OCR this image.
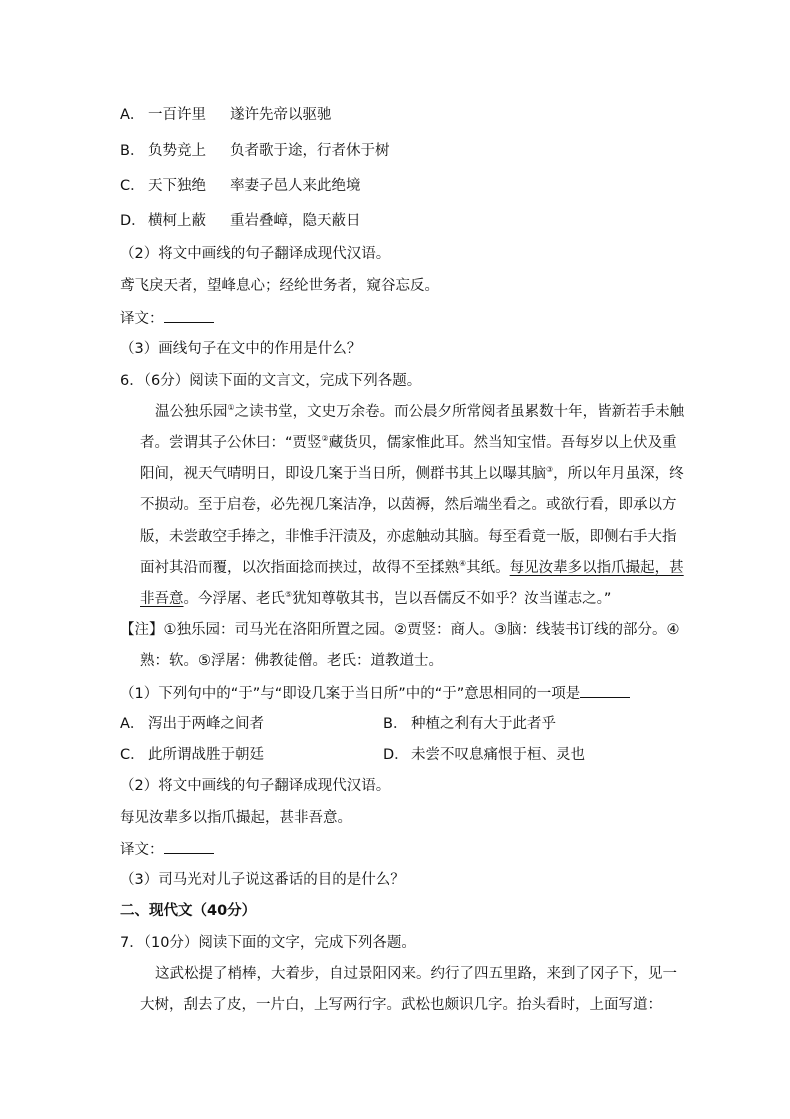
A． 一百许里 遂许先帝以驱驰
B． 负势竞上 负者歌于途，行者休于树
C． 天下独绝 率妻子邑人来此绝境
D． 横柯上蔽 重岩叠嶂，隐天蔽日
（2）将文中画线的句子翻译成现代汉语。
鸢飞戾天者，望峰息心；经纶世务者，窥谷忘反。
译文：
（3）画线句子在文中的作用是什么？
6．（6分）阅读下面的文言文，完成下列各题。
温公独乐园①之读书堂，文史万余卷。而公晨夕所常阅者虽累数十年，皆新若手未触
者。尝谓其子公休曰：“贾竖②藏货贝，儒家惟此耳。然当知宝惜。吾每岁以上伏及重
阳间，视天气晴明日，即设几案于当日所，侧群书其上以曝其脑③，所以年月虽深，终
不损动。至于启卷，必先视几案洁净，以茵褥，然后端坐看之。或欲行看，即承以方
版，未尝敢空手捧之，非惟手汗渍及，亦虑触动其脑。每至看竟一版，即侧右手大指
面衬其沿而覆，以次指面捻而挟过，故得不至揉熟④其纸。每见汝辈多以指爪撮起，甚
非吾意。今浮屠、老氏⑤犹知尊敬其书，岂以吾儒反不如乎？汝当谨志之。”
【注】①独乐园：司马光在洛阳所置之园。②贾竖：商人。③脑：线装书订线的部分。④
熟：软。⑤浮屠：佛教徒僧。老氏：道教道士。
（1）下列句中的“于”与“即设几案于当日所”中的“于”意思相同的一项是
A． 泻出于两峰之间者	B． 种植之利有大于此者乎
C． 此所谓战胜于朝廷	D． 未尝不叹息痛恨于桓、灵也
（2）将文中画线的句子翻译成现代汉语。
每见汝辈多以指爪撮起，甚非吾意。
译文：
（3）司马光对儿子说这番话的目的是什么？
二、现代文（40分）
7．（10分）阅读下面的文字，完成下列各题。
这武松提了梢棒，大着步，自过景阳冈来。约行了四五里路，来到了冈子下，见一
大树，刮去了皮，一片白，上写两行字。武松也颇识几字。抬头看时，上面写道：
